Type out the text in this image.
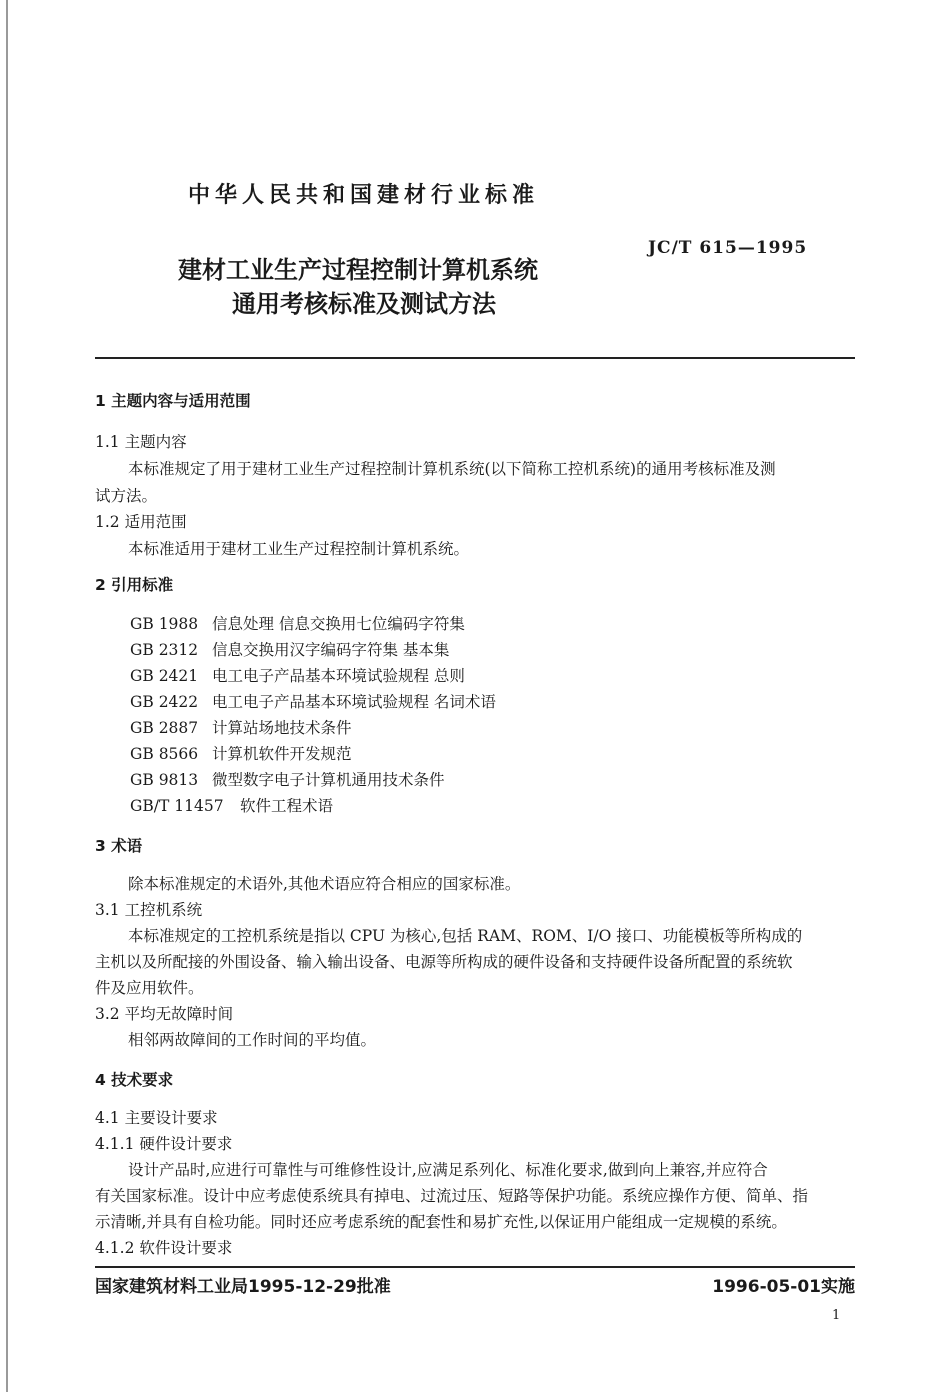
中华人民共和国建材行业标准
JC/T 615—1995
建材工业生产过程控制计算机系统
通用考核标准及测试方法
1 主题内容与适用范围
1.1 主题内容
本标准规定了用于建材工业生产过程控制计算机系统(以下简称工控机系统)的通用考核标准及测
试方法。
1.2 适用范围
本标准适用于建材工业生产过程控制计算机系统。
2 引用标准
GB 1988 信息处理 信息交换用七位编码字符集
GB 2312 信息交换用汉字编码字符集 基本集
GB 2421 电工电子产品基本环境试验规程 总则
GB 2422 电工电子产品基本环境试验规程 名词术语
GB 2887 计算站场地技术条件
GB 8566 计算机软件开发规范
GB 9813 微型数字电子计算机通用技术条件
GB/T 11457 软件工程术语
3 术语
除本标准规定的术语外,其他术语应符合相应的国家标准。
3.1 工控机系统
本标准规定的工控机系统是指以 CPU 为核心,包括 RAM、ROM、I/O 接口、功能模板等所构成的
主机以及所配接的外围设备、输入输出设备、电源等所构成的硬件设备和支持硬件设备所配置的系统软
件及应用软件。
3.2 平均无故障时间
相邻两故障间的工作时间的平均值。
4 技术要求
4.1 主要设计要求
4.1.1 硬件设计要求
设计产品时,应进行可靠性与可维修性设计,应满足系列化、标准化要求,做到向上兼容,并应符合
有关国家标准。设计中应考虑使系统具有掉电、过流过压、短路等保护功能。系统应操作方便、简单、指
示清晰,并具有自检功能。同时还应考虑系统的配套性和易扩充性,以保证用户能组成一定规模的系统。
4.1.2 软件设计要求
国家建筑材料工业局1995-12-29批准	1996-05-01实施
1
